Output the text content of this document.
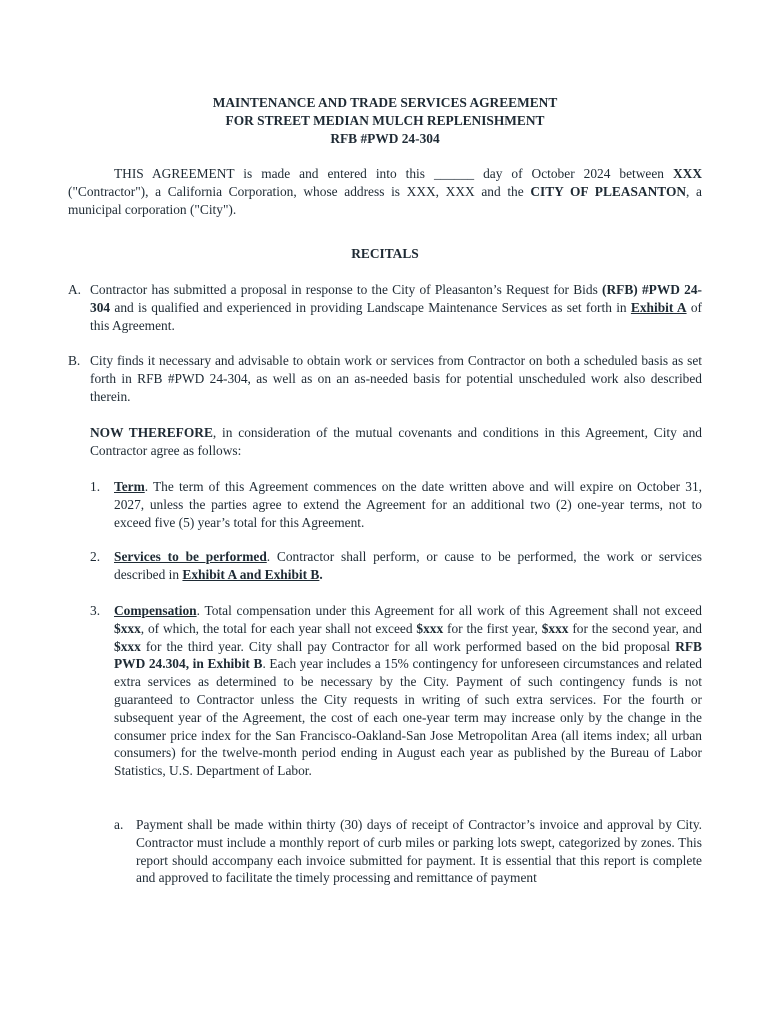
MAINTENANCE AND TRADE SERVICES AGREEMENT
FOR STREET MEDIAN MULCH REPLENISHMENT
RFB #PWD 24-304
THIS AGREEMENT is made and entered into this ______ day of October 2024 between XXX ("Contractor"), a California Corporation, whose address is XXX, XXX and the CITY OF PLEASANTON, a municipal corporation ("City").
RECITALS
A. Contractor has submitted a proposal in response to the City of Pleasanton’s Request for Bids (RFB) #PWD 24-304 and is qualified and experienced in providing Landscape Maintenance Services as set forth in Exhibit A of this Agreement.
B. City finds it necessary and advisable to obtain work or services from Contractor on both a scheduled basis as set forth in RFB #PWD 24-304, as well as on an as-needed basis for potential unscheduled work also described therein.
NOW THEREFORE, in consideration of the mutual covenants and conditions in this Agreement, City and Contractor agree as follows:
1.	Term. The term of this Agreement commences on the date written above and will expire on October 31, 2027, unless the parties agree to extend the Agreement for an additional two (2) one-year terms, not to exceed five (5) year’s total for this Agreement.
2.	Services to be performed. Contractor shall perform, or cause to be performed, the work or services described in Exhibit A and Exhibit B.
3.	Compensation. Total compensation under this Agreement for all work of this Agreement shall not exceed $xxx, of which, the total for each year shall not exceed $xxx for the first year, $xxx for the second year, and $xxx for the third year. City shall pay Contractor for all work performed based on the bid proposal RFB PWD 24.304, in Exhibit B. Each year includes a 15% contingency for unforeseen circumstances and related extra services as determined to be necessary by the City. Payment of such contingency funds is not guaranteed to Contractor unless the City requests in writing of such extra services. For the fourth or subsequent year of the Agreement, the cost of each one-year term may increase only by the change in the consumer price index for the San Francisco-Oakland-San Jose Metropolitan Area (all items index; all urban consumers) for the twelve-month period ending in August each year as published by the Bureau of Labor Statistics, U.S. Department of Labor.
a. Payment shall be made within thirty (30) days of receipt of Contractor’s invoice and approval by City. Contractor must include a monthly report of curb miles or parking lots swept, categorized by zones. This report should accompany each invoice submitted for payment. It is essential that this report is complete and approved to facilitate the timely processing and remittance of payment
